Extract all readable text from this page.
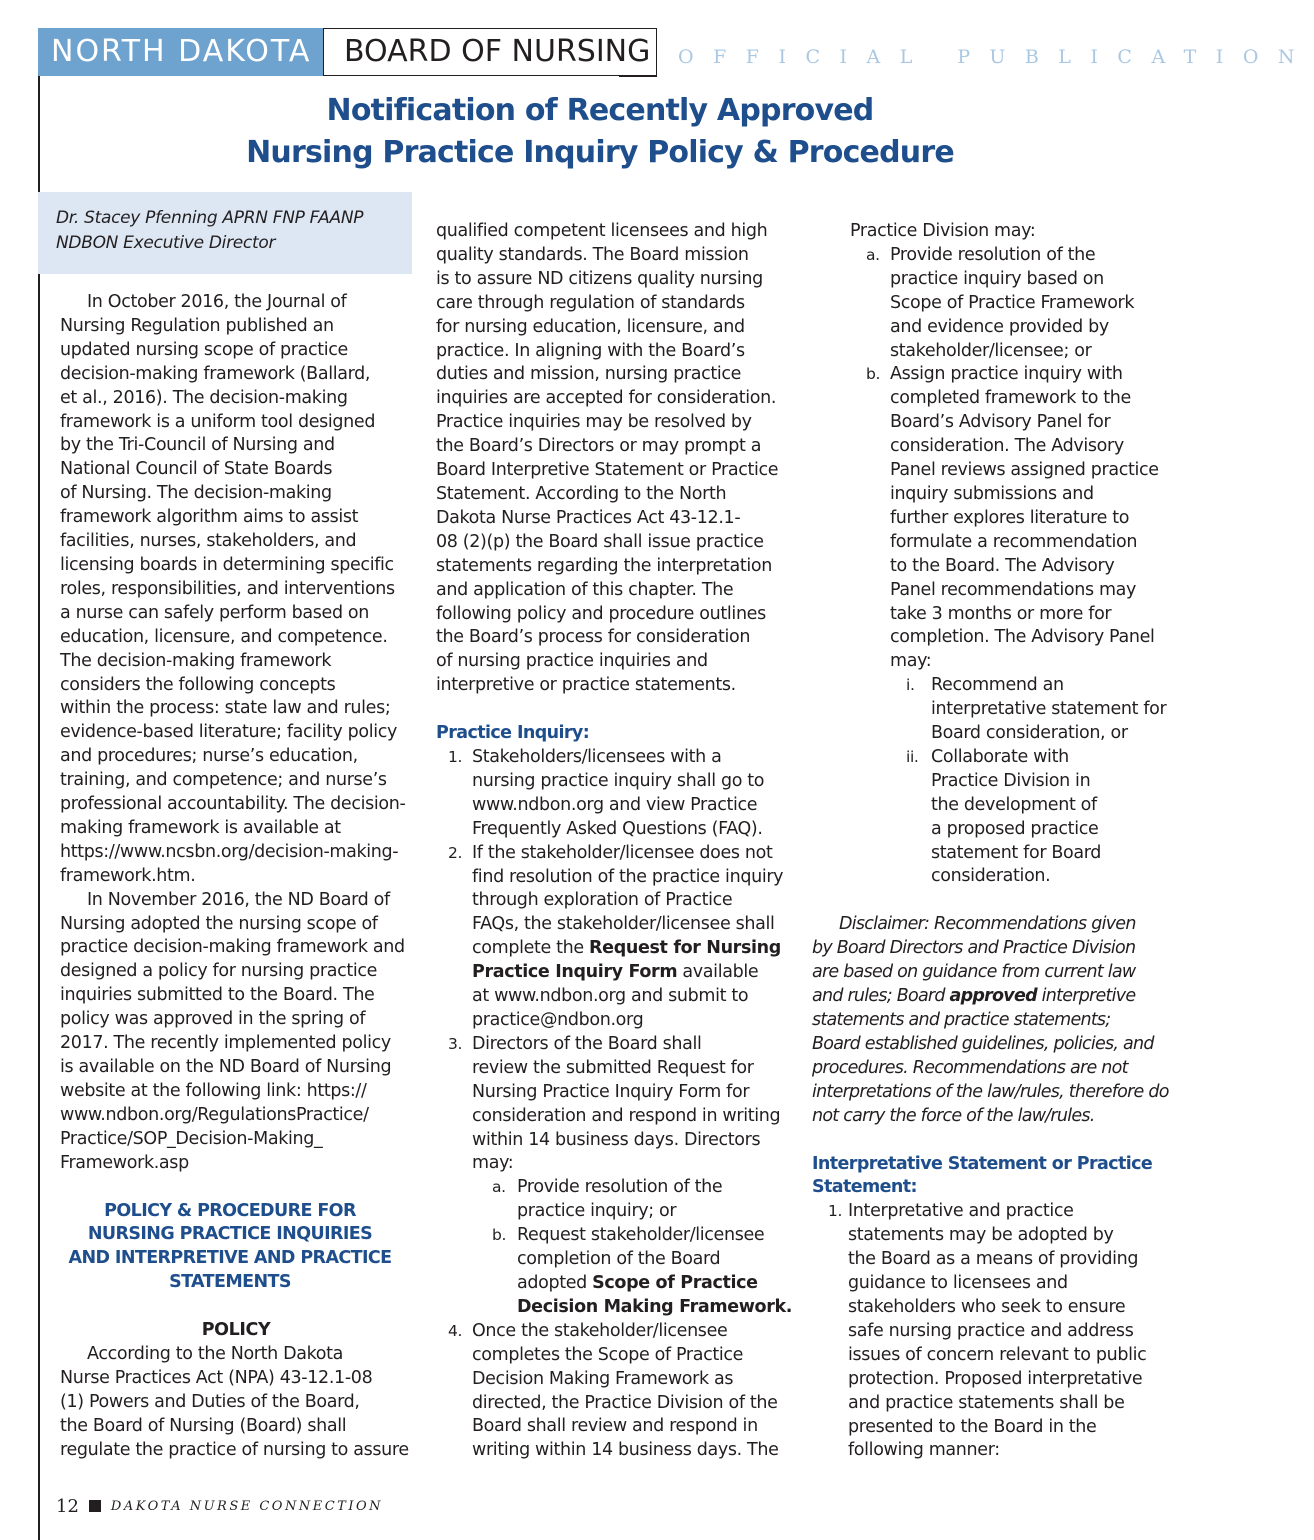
NORTH DAKOTA	BOARD OF NURSING	OFFICIAL PUBLICATION
Notification of Recently Approved
Nursing Practice Inquiry Policy & Procedure
Dr. Stacey Pfenning APRN FNP FAANP
NDBON Executive Director
In October 2016, the Journal of
Nursing Regulation published an
updated nursing scope of practice
decision-making framework (Ballard,
et al., 2016). The decision-making
framework is a uniform tool designed
by the Tri-Council of Nursing and
National Council of State Boards
of Nursing. The decision-making
framework algorithm aims to assist
facilities, nurses, stakeholders, and
licensing boards in determining specific
roles, responsibilities, and interventions
a nurse can safely perform based on
education, licensure, and competence.
The decision-making framework
considers the following concepts
within the process: state law and rules;
evidence-based literature; facility policy
and procedures; nurse’s education,
training, and competence; and nurse’s
professional accountability. The decision-
making framework is available at
https://www.ncsbn.org/decision-making-
framework.htm.
In November 2016, the ND Board of
Nursing adopted the nursing scope of
practice decision-making framework and
designed a policy for nursing practice
inquiries submitted to the Board. The
policy was approved in the spring of
2017. The recently implemented policy
is available on the ND Board of Nursing
website at the following link: https://
www.ndbon.org/RegulationsPractice/
Practice/SOP_Decision-Making_
Framework.asp
POLICY & PROCEDURE FOR
NURSING PRACTICE INQUIRIES
AND INTERPRETIVE AND PRACTICE
STATEMENTS
POLICY
According to the North Dakota
Nurse Practices Act (NPA) 43-12.1-08
(1) Powers and Duties of the Board,
the Board of Nursing (Board) shall
regulate the practice of nursing to assure
qualified competent licensees and high
quality standards. The Board mission
is to assure ND citizens quality nursing
care through regulation of standards
for nursing education, licensure, and
practice. In aligning with the Board’s
duties and mission, nursing practice
inquiries are accepted for consideration.
Practice inquiries may be resolved by
the Board’s Directors or may prompt a
Board Interpretive Statement or Practice
Statement. According to the North
Dakota Nurse Practices Act 43-12.1-
08 (2)(p) the Board shall issue practice
statements regarding the interpretation
and application of this chapter. The
following policy and procedure outlines
the Board’s process for consideration
of nursing practice inquiries and
interpretive or practice statements.
Practice Inquiry:
1. Stakeholders/licensees with a
nursing practice inquiry shall go to
www.ndbon.org and view Practice
Frequently Asked Questions (FAQ).
2. If the stakeholder/licensee does not
find resolution of the practice inquiry
through exploration of Practice
FAQs, the stakeholder/licensee shall
complete the Request for Nursing
Practice Inquiry Form available
at www.ndbon.org and submit to
practice@ndbon.org
3. Directors of the Board shall
review the submitted Request for
Nursing Practice Inquiry Form for
consideration and respond in writing
within 14 business days. Directors
may:
a. Provide resolution of the
practice inquiry; or
b. Request stakeholder/licensee
completion of the Board
adopted Scope of Practice
Decision Making Framework.
4. Once the stakeholder/licensee
completes the Scope of Practice
Decision Making Framework as
directed, the Practice Division of the
Board shall review and respond in
writing within 14 business days. The
Practice Division may:
a. Provide resolution of the
practice inquiry based on
Scope of Practice Framework
and evidence provided by
stakeholder/licensee; or
b. Assign practice inquiry with
completed framework to the
Board’s Advisory Panel for
consideration. The Advisory
Panel reviews assigned practice
inquiry submissions and
further explores literature to
formulate a recommendation
to the Board. The Advisory
Panel recommendations may
take 3 months or more for
completion. The Advisory Panel
may:
i. Recommend an
interpretative statement for
Board consideration, or
ii. Collaborate with
Practice Division in
the development of
a proposed practice
statement for Board
consideration.
Disclaimer: Recommendations given
by Board Directors and Practice Division
are based on guidance from current law
and rules; Board approved interpretive
statements and practice statements;
Board established guidelines, policies, and
procedures. Recommendations are not
interpretations of the law/rules, therefore do
not carry the force of the law/rules.
Interpretative Statement or Practice
Statement:
1. Interpretative and practice
statements may be adopted by
the Board as a means of providing
guidance to licensees and
stakeholders who seek to ensure
safe nursing practice and address
issues of concern relevant to public
protection. Proposed interpretative
and practice statements shall be
presented to the Board in the
following manner:
12 DAKOTA NURSE CONNECTION
